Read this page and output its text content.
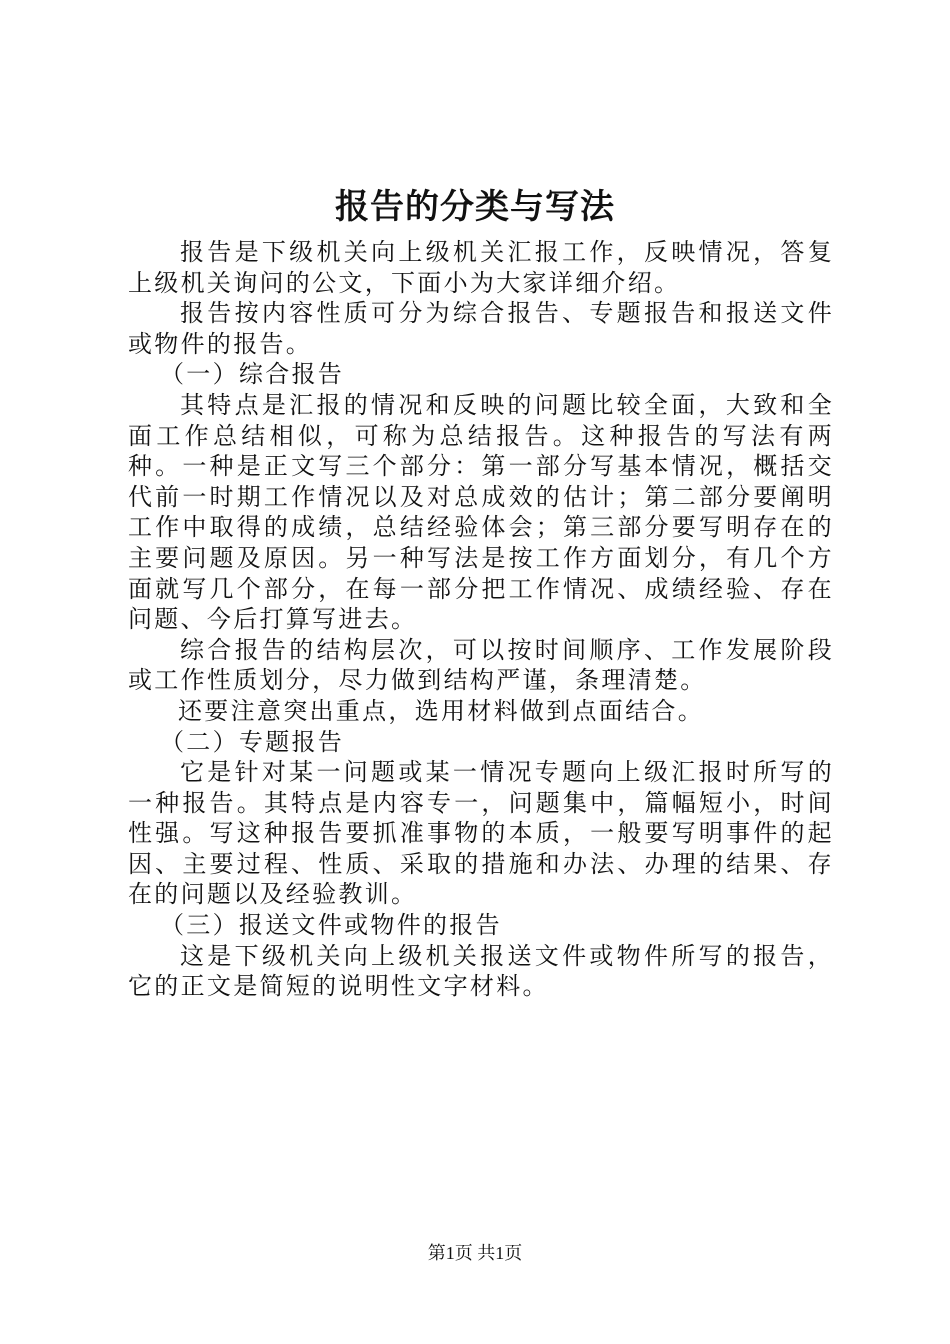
报告的分类与写法

报告是下级机关向上级机关汇报工作，反映情况，答复上级机关询问的公文，下面小为大家详细介绍。

报告按内容性质可分为综合报告、专题报告和报送文件或物件的报告。

（一）综合报告

其特点是汇报的情况和反映的问题比较全面，大致和全面工作总结相似，可称为总结报告。这种报告的写法有两种。一种是正文写三个部分：第一部分写基本情况，概括交代前一时期工作情况以及对总成效的估计；第二部分要阐明工作中取得的成绩，总结经验体会；第三部分要写明存在的主要问题及原因。另一种写法是按工作方面划分，有几个方面就写几个部分，在每一部分把工作情况、成绩经验、存在问题、今后打算写进去。

综合报告的结构层次，可以按时间顺序、工作发展阶段或工作性质划分，尽力做到结构严谨，条理清楚。

还要注意突出重点，选用材料做到点面结合。

（二）专题报告

它是针对某一问题或某一情况专题向上级汇报时所写的一种报告。其特点是内容专一，问题集中，篇幅短小，时间性强。写这种报告要抓准事物的本质，一般要写明事件的起因、主要过程、性质、采取的措施和办法、办理的结果、存在的问题以及经验教训。

（三）报送文件或物件的报告

这是下级机关向上级机关报送文件或物件所写的报告，它的正文是简短的说明性文字材料。

第1页 共1页
